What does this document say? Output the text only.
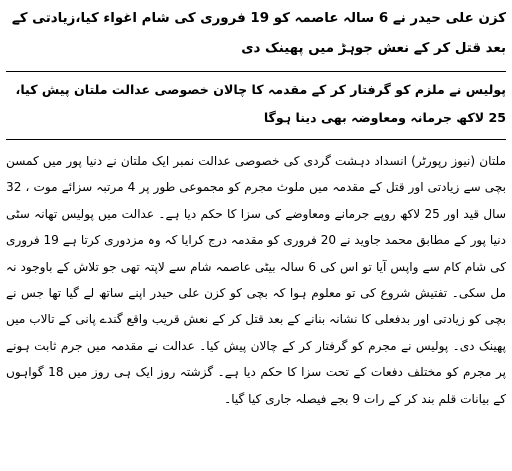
کزن علی حیدر نے 6 سالہ عاصمہ کو 19 فروری کی شام اغواء کیا،زیادتی کے بعد قتل کر کے نعش جوہڑ میں پھینک دی

پولیس نے ملزم کو گرفتار کر کے مقدمہ کا چالان خصوصی عدالت ملتان پیش کیا، 25 لاکھ جرمانہ ومعاوضہ بھی دینا ہوگا

ملتان (نیوز رپورٹر) انسداد دہشت گردی کی خصوصی عدالت نمبر ایک ملتان نے دنیا پور میں کمسن بچی سے زیادتی اور قتل کے مقدمہ میں ملوث مجرم کو مجموعی طور پر 4 مرتبہ سزائے موت ، 32 سال قید اور 25 لاکھ روپے جرمانے ومعاوضے کی سزا کا حکم دیا ہے۔ عدالت میں پولیس تھانہ سٹی دنیا پور کے مطابق محمد جاوید نے 20 فروری کو مقدمہ درج کرایا کہ وہ مزدوری کرتا ہے 19 فروری کی شام کام سے واپس آیا تو اس کی 6 سالہ بیٹی عاصمہ شام سے لاپتہ تھی جو تلاش کے باوجود نہ مل سکی۔ تفتیش شروع کی تو معلوم ہوا کہ بچی کو کزن علی حیدر اپنے ساتھ لے گیا تھا جس نے بچی کو زیادتی اور بدفعلی کا نشانہ بنانے کے بعد قتل کر کے نعش قریب واقع گندے پانی کے تالاب میں پھینک دی۔ پولیس نے مجرم کو گرفتار کر کے چالان پیش کیا۔ عدالت نے مقدمہ میں جرم ثابت ہونے پر مجرم کو مختلف دفعات کے تحت سزا کا حکم دیا ہے۔ گزشتہ روز ایک ہی روز میں 18 گواہوں کے بیانات قلم بند کر کے رات 9 بجے فیصلہ جاری کیا گیا۔
